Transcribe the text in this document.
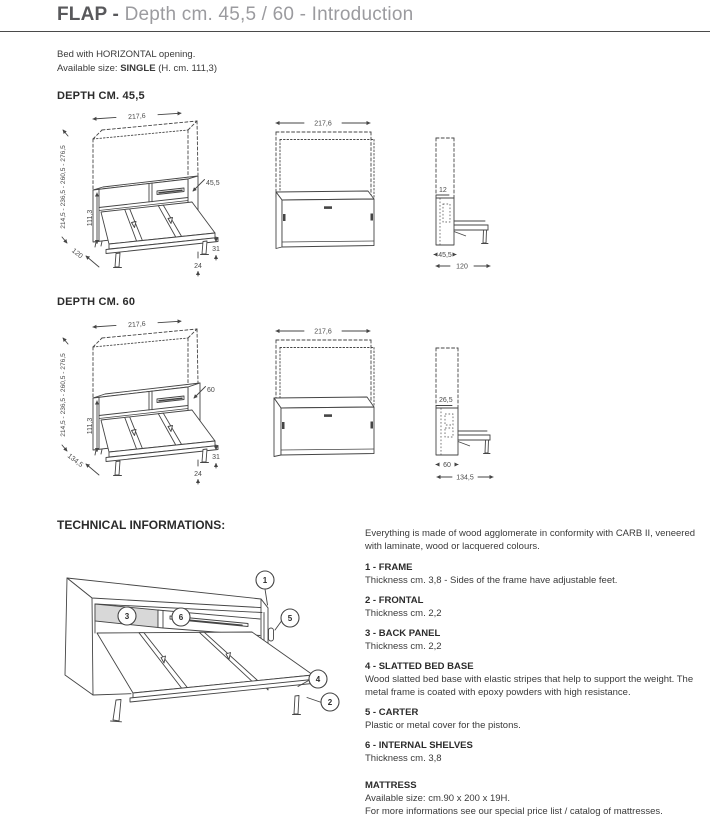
FLAP - Depth cm. 45,5 / 60 - Introduction
Bed with HORIZONTAL opening.
Available size: SINGLE (H. cm. 111,3)
DEPTH CM. 45,5
217,6
214,5 - 236,5 - 260,5 - 276,5	111,3
45,5
120
24
31
217,6
12
45,5
120
DEPTH CM. 60
217,6
214,5 - 236,5 - 260,5 - 276,5	111,3
60
134,5
24
31
217,6
26,5
60
134,5
TECHNICAL INFORMATIONS:
1
3	6	5
4
2
Everything is made of wood agglomerate in conformity with CARB II, veneered with laminate, wood or lacquered colours.
1 - FRAME
Thickness cm. 3,8 - Sides of the frame have adjustable feet.
2 - FRONTAL
Thickness cm. 2,2
3 - BACK PANEL
Thickness cm. 2,2
4 - SLATTED BED BASE
Wood slatted bed base with elastic stripes that help to support the weight. The metal frame is coated with epoxy powders with high resistance.
5 - CARTER
Plastic or metal cover for the pistons.
6 - INTERNAL SHELVES
Thickness cm. 3,8
MATTRESS
Available size: cm.90 x 200 x 19H.
For more informations see our special price list / catalog of mattresses.
